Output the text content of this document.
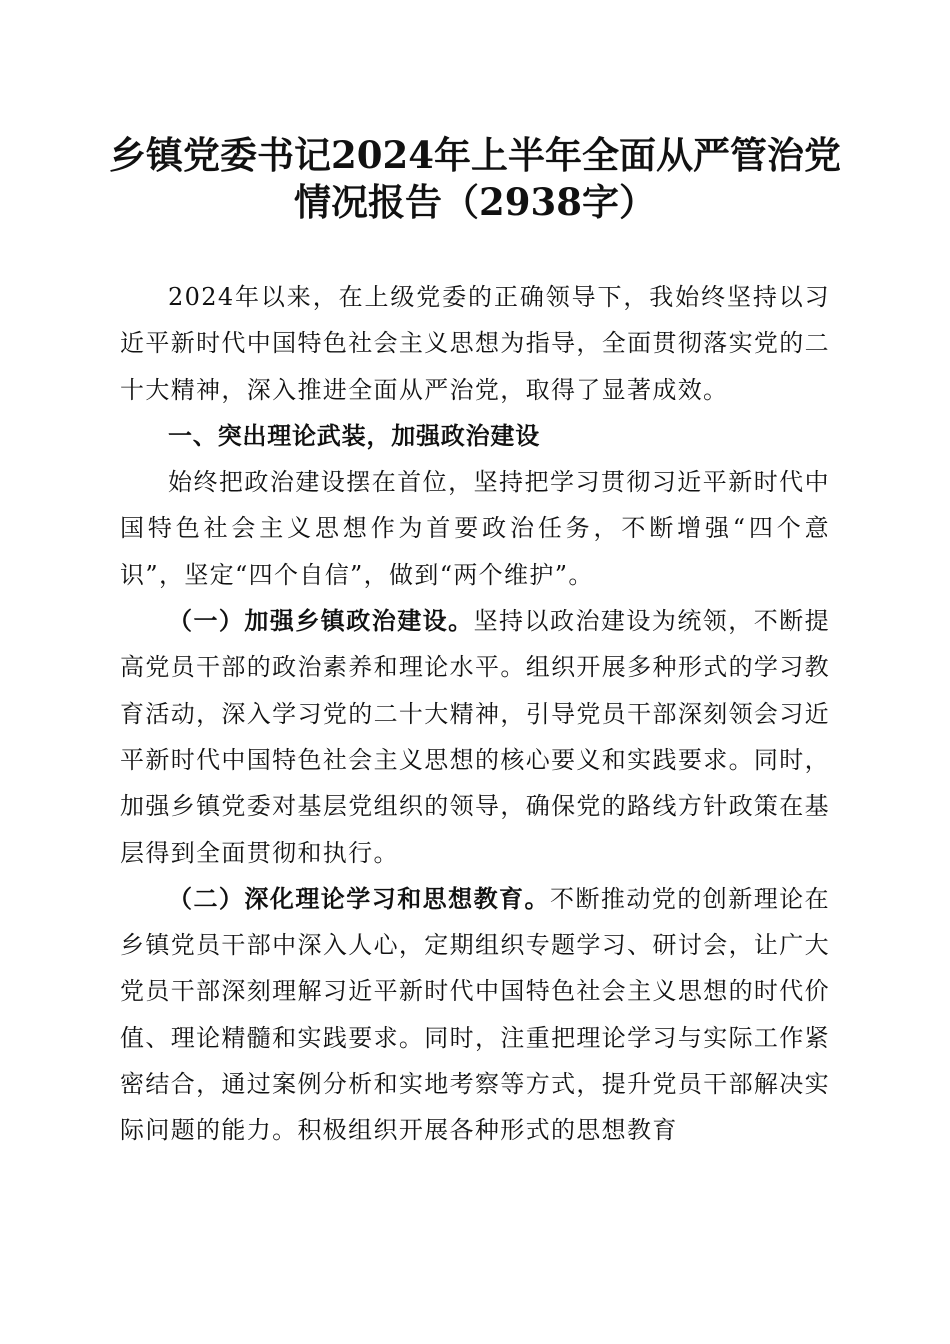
乡镇党委书记2024年上半年全面从严管治党
情况报告（2938字）

2024年以来，在上级党委的正确领导下，我始终坚持以习近平新时代中国特色社会主义思想为指导，全面贯彻落实党的二十大精神，深入推进全面从严治党，取得了显著成效。

一、突出理论武装，加强政治建设

始终把政治建设摆在首位，坚持把学习贯彻习近平新时代中国特色社会主义思想作为首要政治任务，不断增强“四个意识”，坚定“四个自信”，做到“两个维护”。

（一）加强乡镇政治建设。坚持以政治建设为统领，不断提高党员干部的政治素养和理论水平。组织开展多种形式的学习教育活动，深入学习党的二十大精神，引导党员干部深刻领会习近平新时代中国特色社会主义思想的核心要义和实践要求。同时，加强乡镇党委对基层党组织的领导，确保党的路线方针政策在基层得到全面贯彻和执行。

（二）深化理论学习和思想教育。不断推动党的创新理论在乡镇党员干部中深入人心，定期组织专题学习、研讨会，让广大党员干部深刻理解习近平新时代中国特色社会主义思想的时代价值、理论精髓和实践要求。同时，注重把理论学习与实际工作紧密结合，通过案例分析和实地考察等方式，提升党员干部解决实际问题的能力。积极组织开展各种形式的思想教育
